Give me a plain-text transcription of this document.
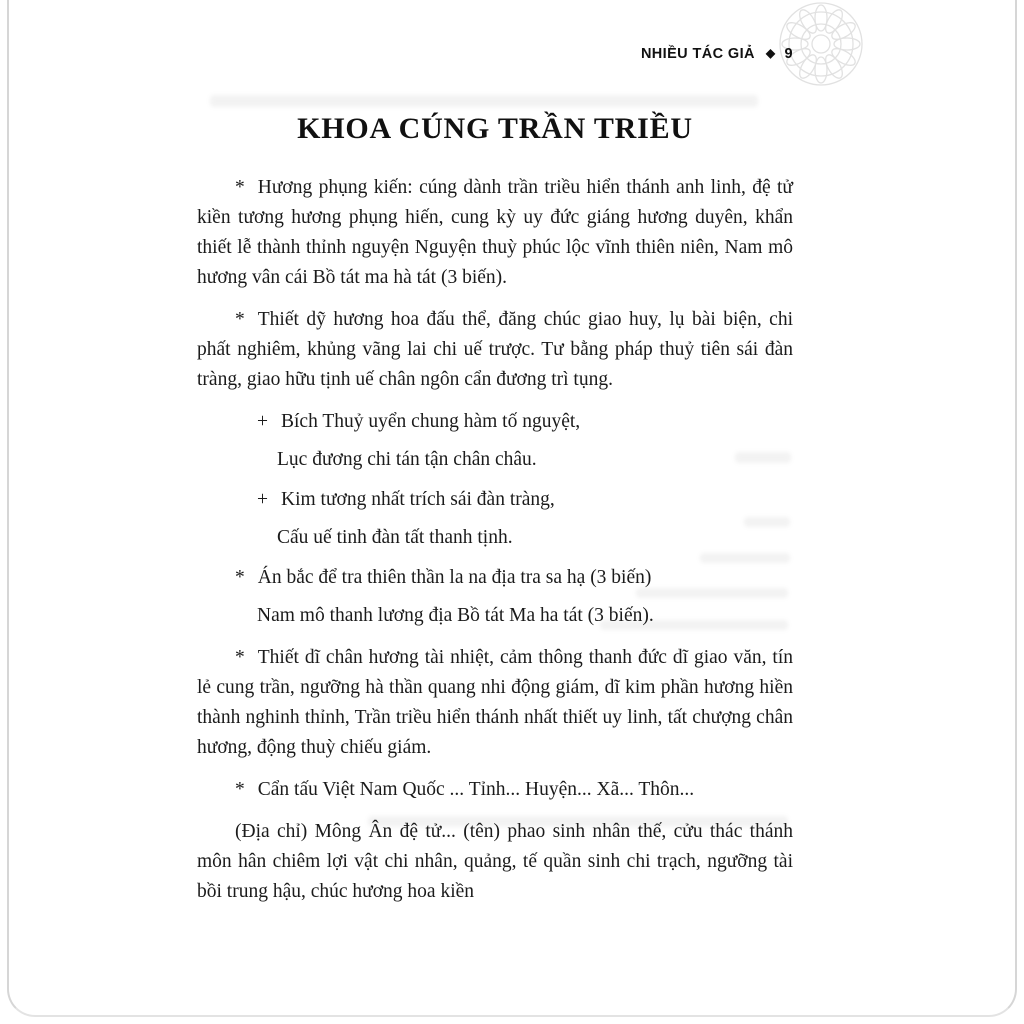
NHIỀU TÁC GIẢ ◆ 9
KHOA CÚNG TRẦN TRIỀU

* Hương phụng kiến: cúng dành trần triều hiển thánh anh linh, đệ tử kiền tương hương phụng hiến, cung kỳ uy đức giáng hương duyên, khẩn thiết lễ thành thỉnh nguyện Nguyện thuỳ phúc lộc vĩnh thiên niên, Nam mô hương vân cái Bồ tát ma hà tát (3 biến).

* Thiết dỹ hương hoa đấu thể, đăng chúc giao huy, lụ bài biện, chi phất nghiêm, khủng vãng lai chi uế trược. Tư bằng pháp thuỷ tiên sái đàn tràng, giao hữu tịnh uế chân ngôn cẩn đương trì tụng.

+ Bích Thuỷ uyển chung hàm tố nguyệt,

Lục đương chi tán tận chân châu.

+ Kim tương nhất trích sái đàn tràng,

Cấu uế tinh đàn tất thanh tịnh.

* Án bắc để tra thiên thần la na địa tra sa hạ (3 biến)

Nam mô thanh lương địa Bồ tát Ma ha tát (3 biến).

* Thiết dĩ chân hương tài nhiệt, cảm thông thanh đức dĩ giao văn, tín lẻ cung trần, ngưỡng hà thần quang nhi động giám, dĩ kim phần hương hiền thành nghinh thỉnh, Trần triều hiển thánh nhất thiết uy linh, tất chượng chân hương, động thuỳ chiếu giám.

* Cẩn tấu Việt Nam Quốc ... Tỉnh... Huyện... Xã... Thôn...

(Địa chỉ) Mông Ân đệ tử... (tên) phao sinh nhân thế, cửu thác thánh môn hân chiêm lợi vật chi nhân, quảng, tế quần sinh chi trạch, ngưỡng tài bồi trung hậu, chúc hương hoa kiền
